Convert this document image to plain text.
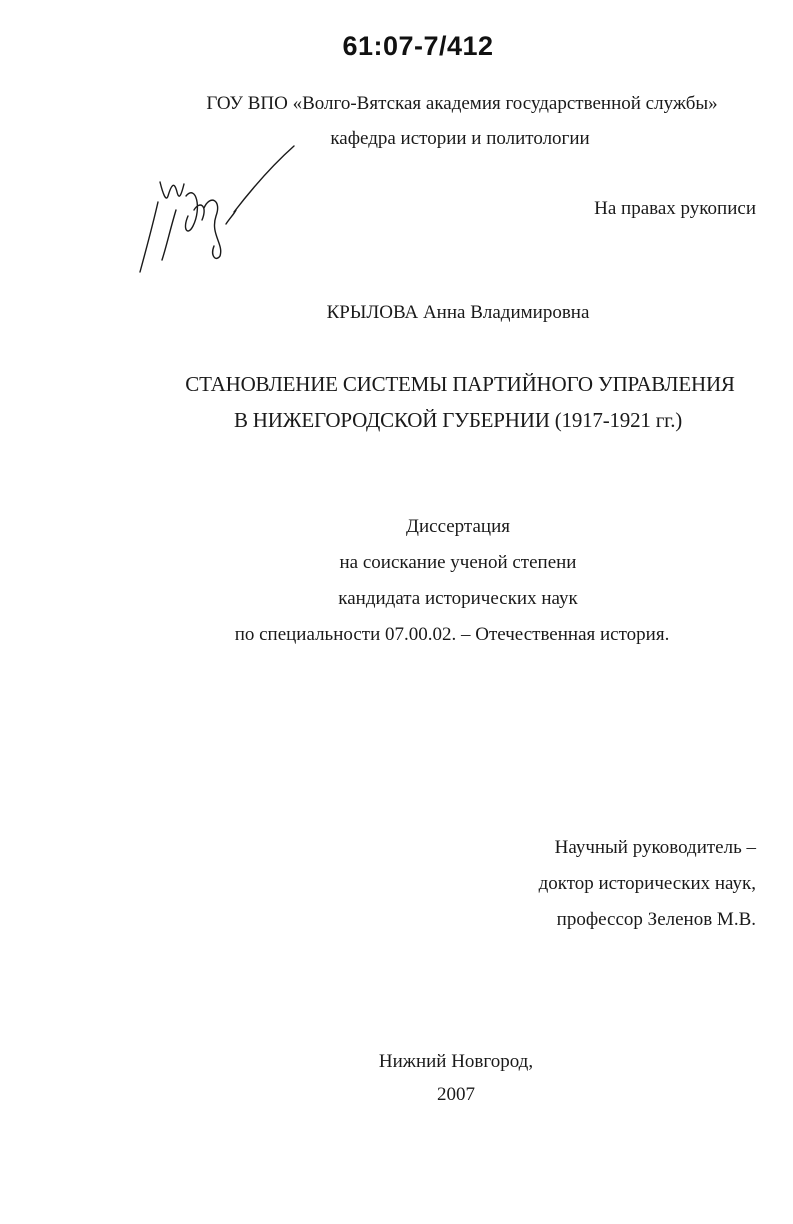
61:07-7/412
ГОУ ВПО «Волго-Вятская академия государственной службы»
кафедра истории и политологии
На правах рукописи
КРЫЛОВА Анна Владимировна
СТАНОВЛЕНИЕ СИСТЕМЫ ПАРТИЙНОГО УПРАВЛЕНИЯ
В НИЖЕГОРОДСКОЙ ГУБЕРНИИ (1917-1921 гг.)
Диссертация
на соискание ученой степени
кандидата исторических наук
по специальности 07.00.02. – Отечественная история.
Научный руководитель –
доктор исторических наук,
профессор Зеленов М.В.
Нижний Новгород,
2007
